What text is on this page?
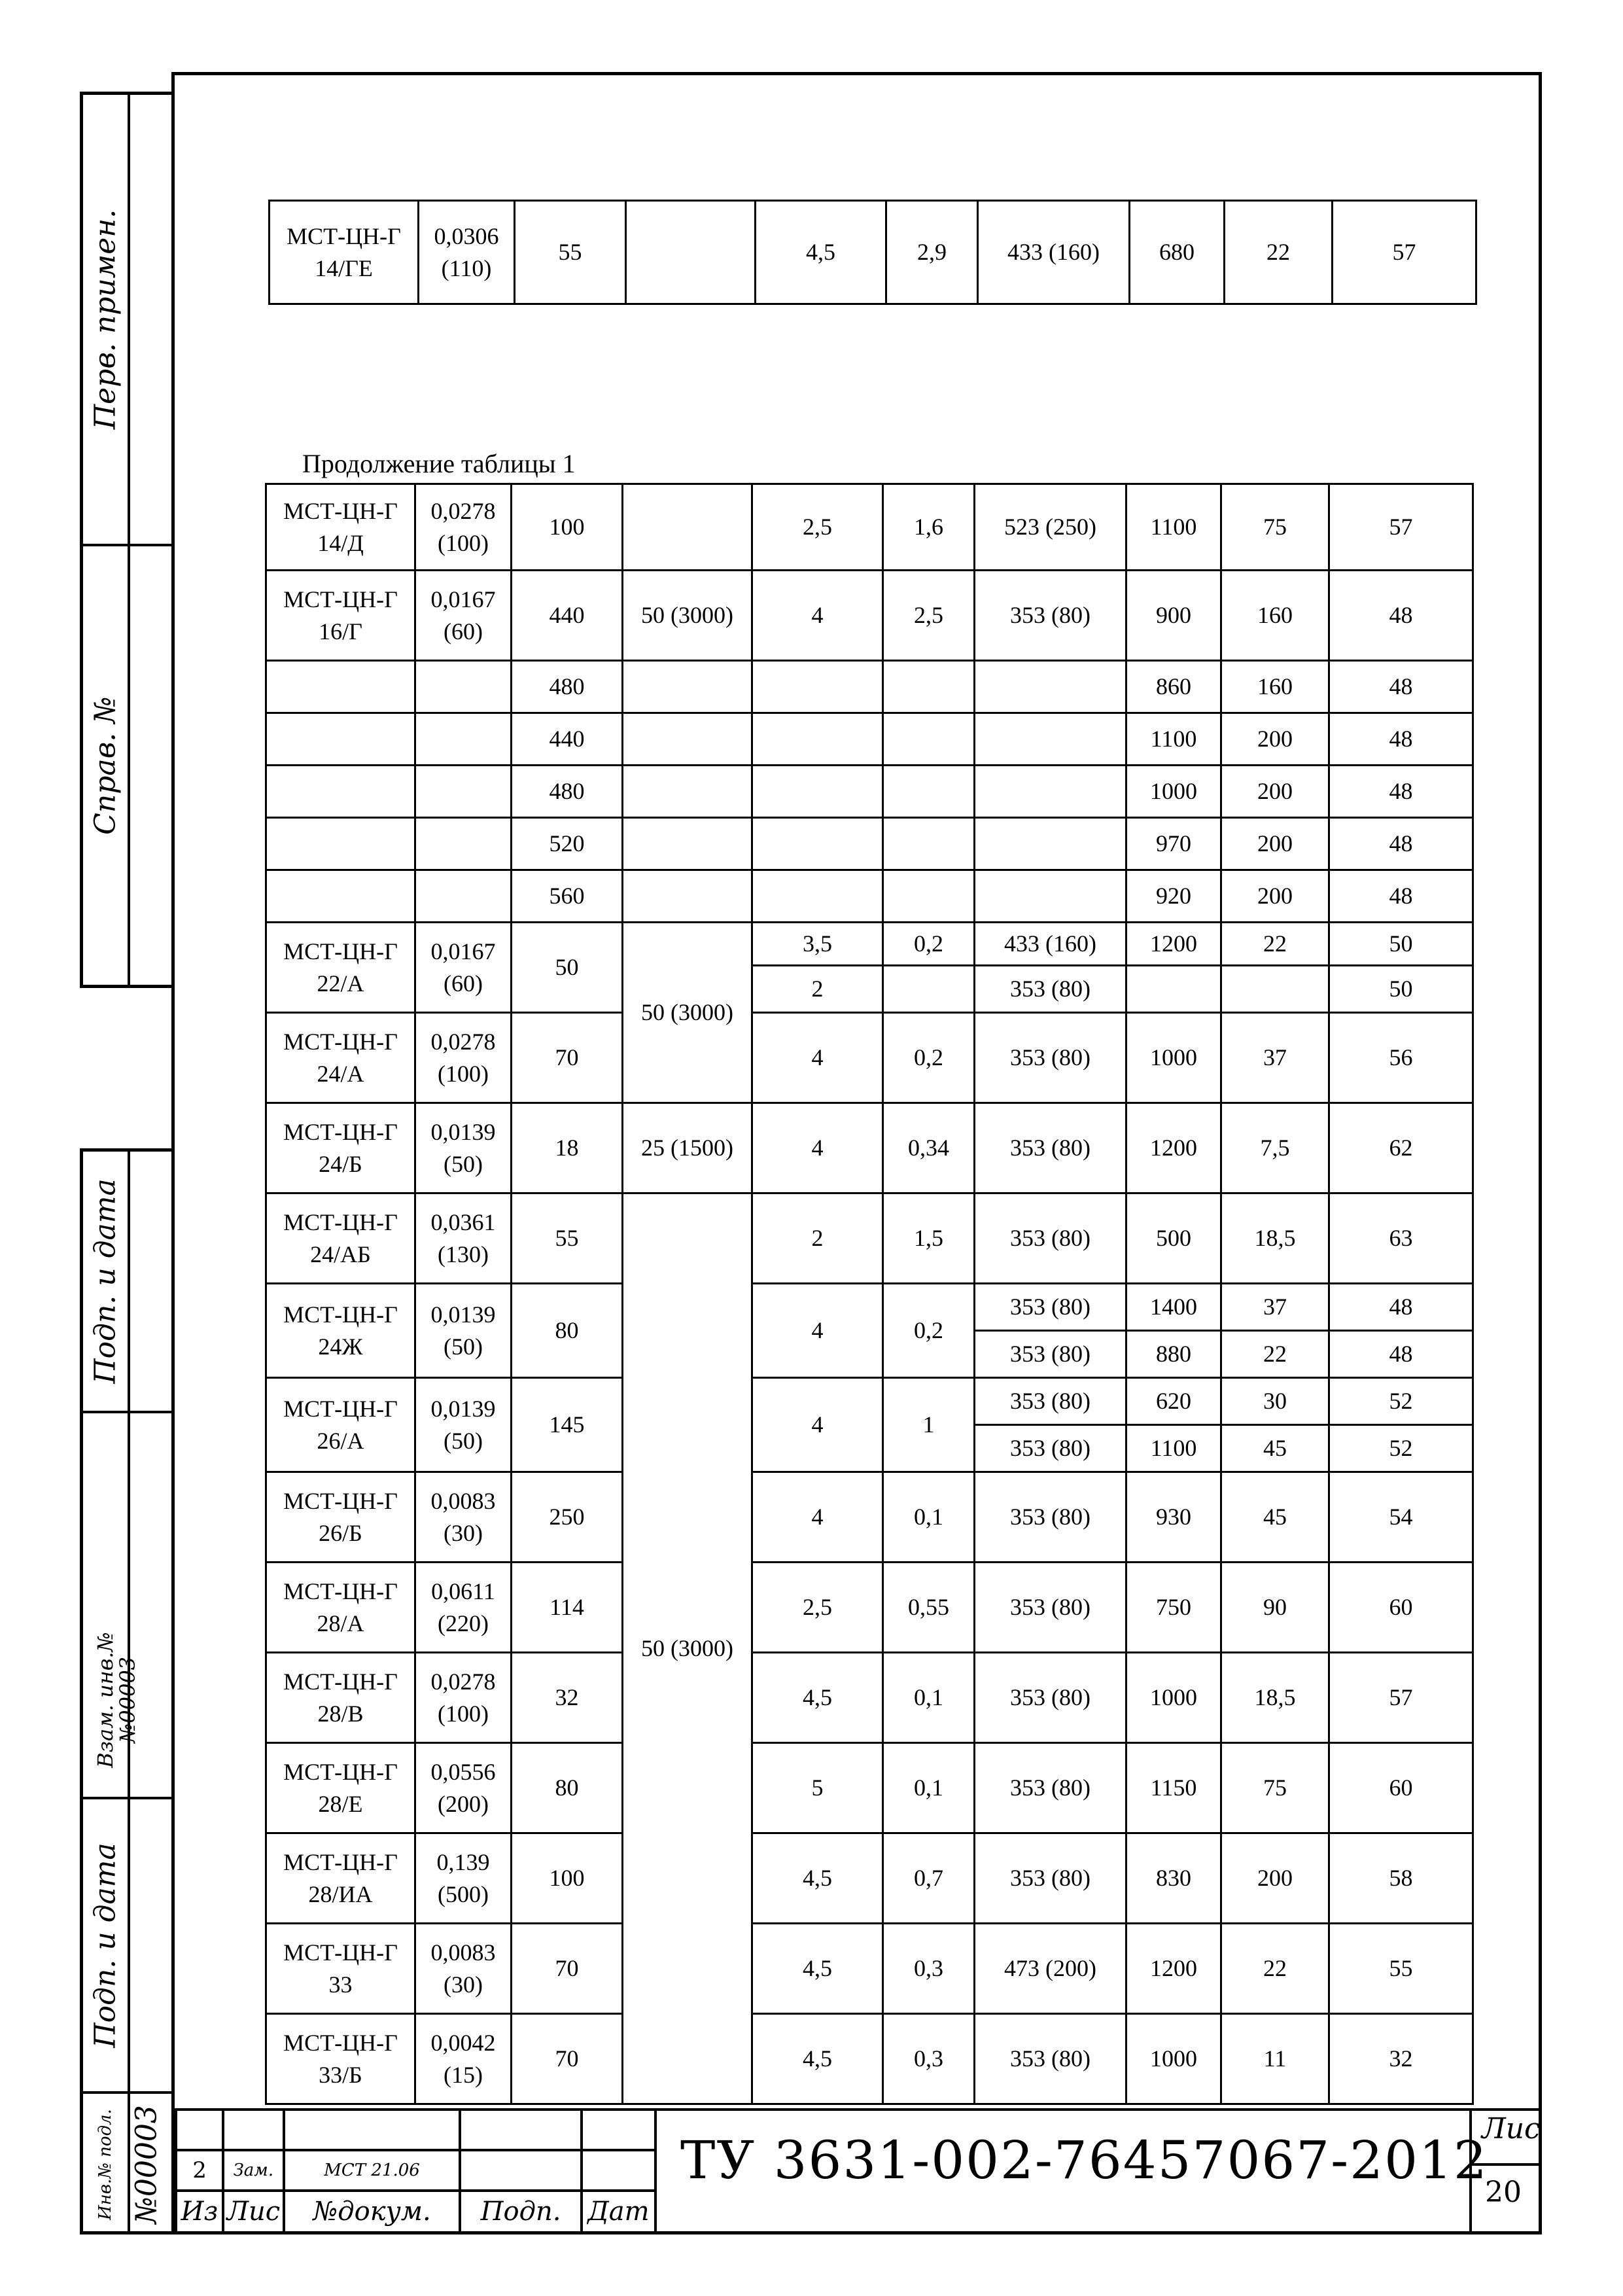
Перв. примен.
Справ. №
Подп. и дата
Взам. инв.№
№00003
Подп. и дата
Инв.№ подл. №00003
МСТ-ЦН-Г 14/ГЕ	0,0306 (110)	55		4,5	2,9	433 (160)	680	22	57
Продолжение таблицы 1
МСТ-ЦН-Г 14/Д	0,0278 (100)	100		2,5	1,6	523 (250)	1100	75	57
МСТ-ЦН-Г 16/Г	0,0167 (60)	440	50 (3000)	4	2,5	353 (80)	900	160	48
		480					860	160	48
		440					1100	200	48
		480					1000	200	48
		520					970	200	48
		560					920	200	48
МСТ-ЦН-Г 22/А	0,0167 (60)	50	50 (3000)	3,5	0,2	433 (160)	1200	22	50
				2		353 (80)			50
МСТ-ЦН-Г 24/А	0,0278 (100)	70		4	0,2	353 (80)	1000	37	56
МСТ-ЦН-Г 24/Б	0,0139 (50)	18	25 (1500)	4	0,34	353 (80)	1200	7,5	62
МСТ-ЦН-Г 24/АБ	0,0361 (130)	55	50 (3000)	2	1,5	353 (80)	500	18,5	63
МСТ-ЦН-Г 24Ж	0,0139 (50)	80		4	0,2	353 (80)	1400	37	48
						353 (80)	880	22	48
МСТ-ЦН-Г 26/А	0,0139 (50)	145		4	1	353 (80)	620	30	52
						353 (80)	1100	45	52
МСТ-ЦН-Г 26/Б	0,0083 (30)	250		4	0,1	353 (80)	930	45	54
МСТ-ЦН-Г 28/А	0,0611 (220)	114		2,5	0,55	353 (80)	750	90	60
МСТ-ЦН-Г 28/В	0,0278 (100)	32		4,5	0,1	353 (80)	1000	18,5	57
МСТ-ЦН-Г 28/Е	0,0556 (200)	80		5	0,1	353 (80)	1150	75	60
МСТ-ЦН-Г 28/ИА	0,139 (500)	100		4,5	0,7	353 (80)	830	200	58
МСТ-ЦН-Г 33	0,0083 (30)	70		4,5	0,3	473 (200)	1200	22	55
МСТ-ЦН-Г 33/Б	0,0042 (15)	70		4,5	0,3	353 (80)	1000	11	32

2	Зам.	МСТ 21.06		
Из	Лис	№докум.	Подп.	Дат
ТУ 3631-002-76457067-2012
Лис
20
